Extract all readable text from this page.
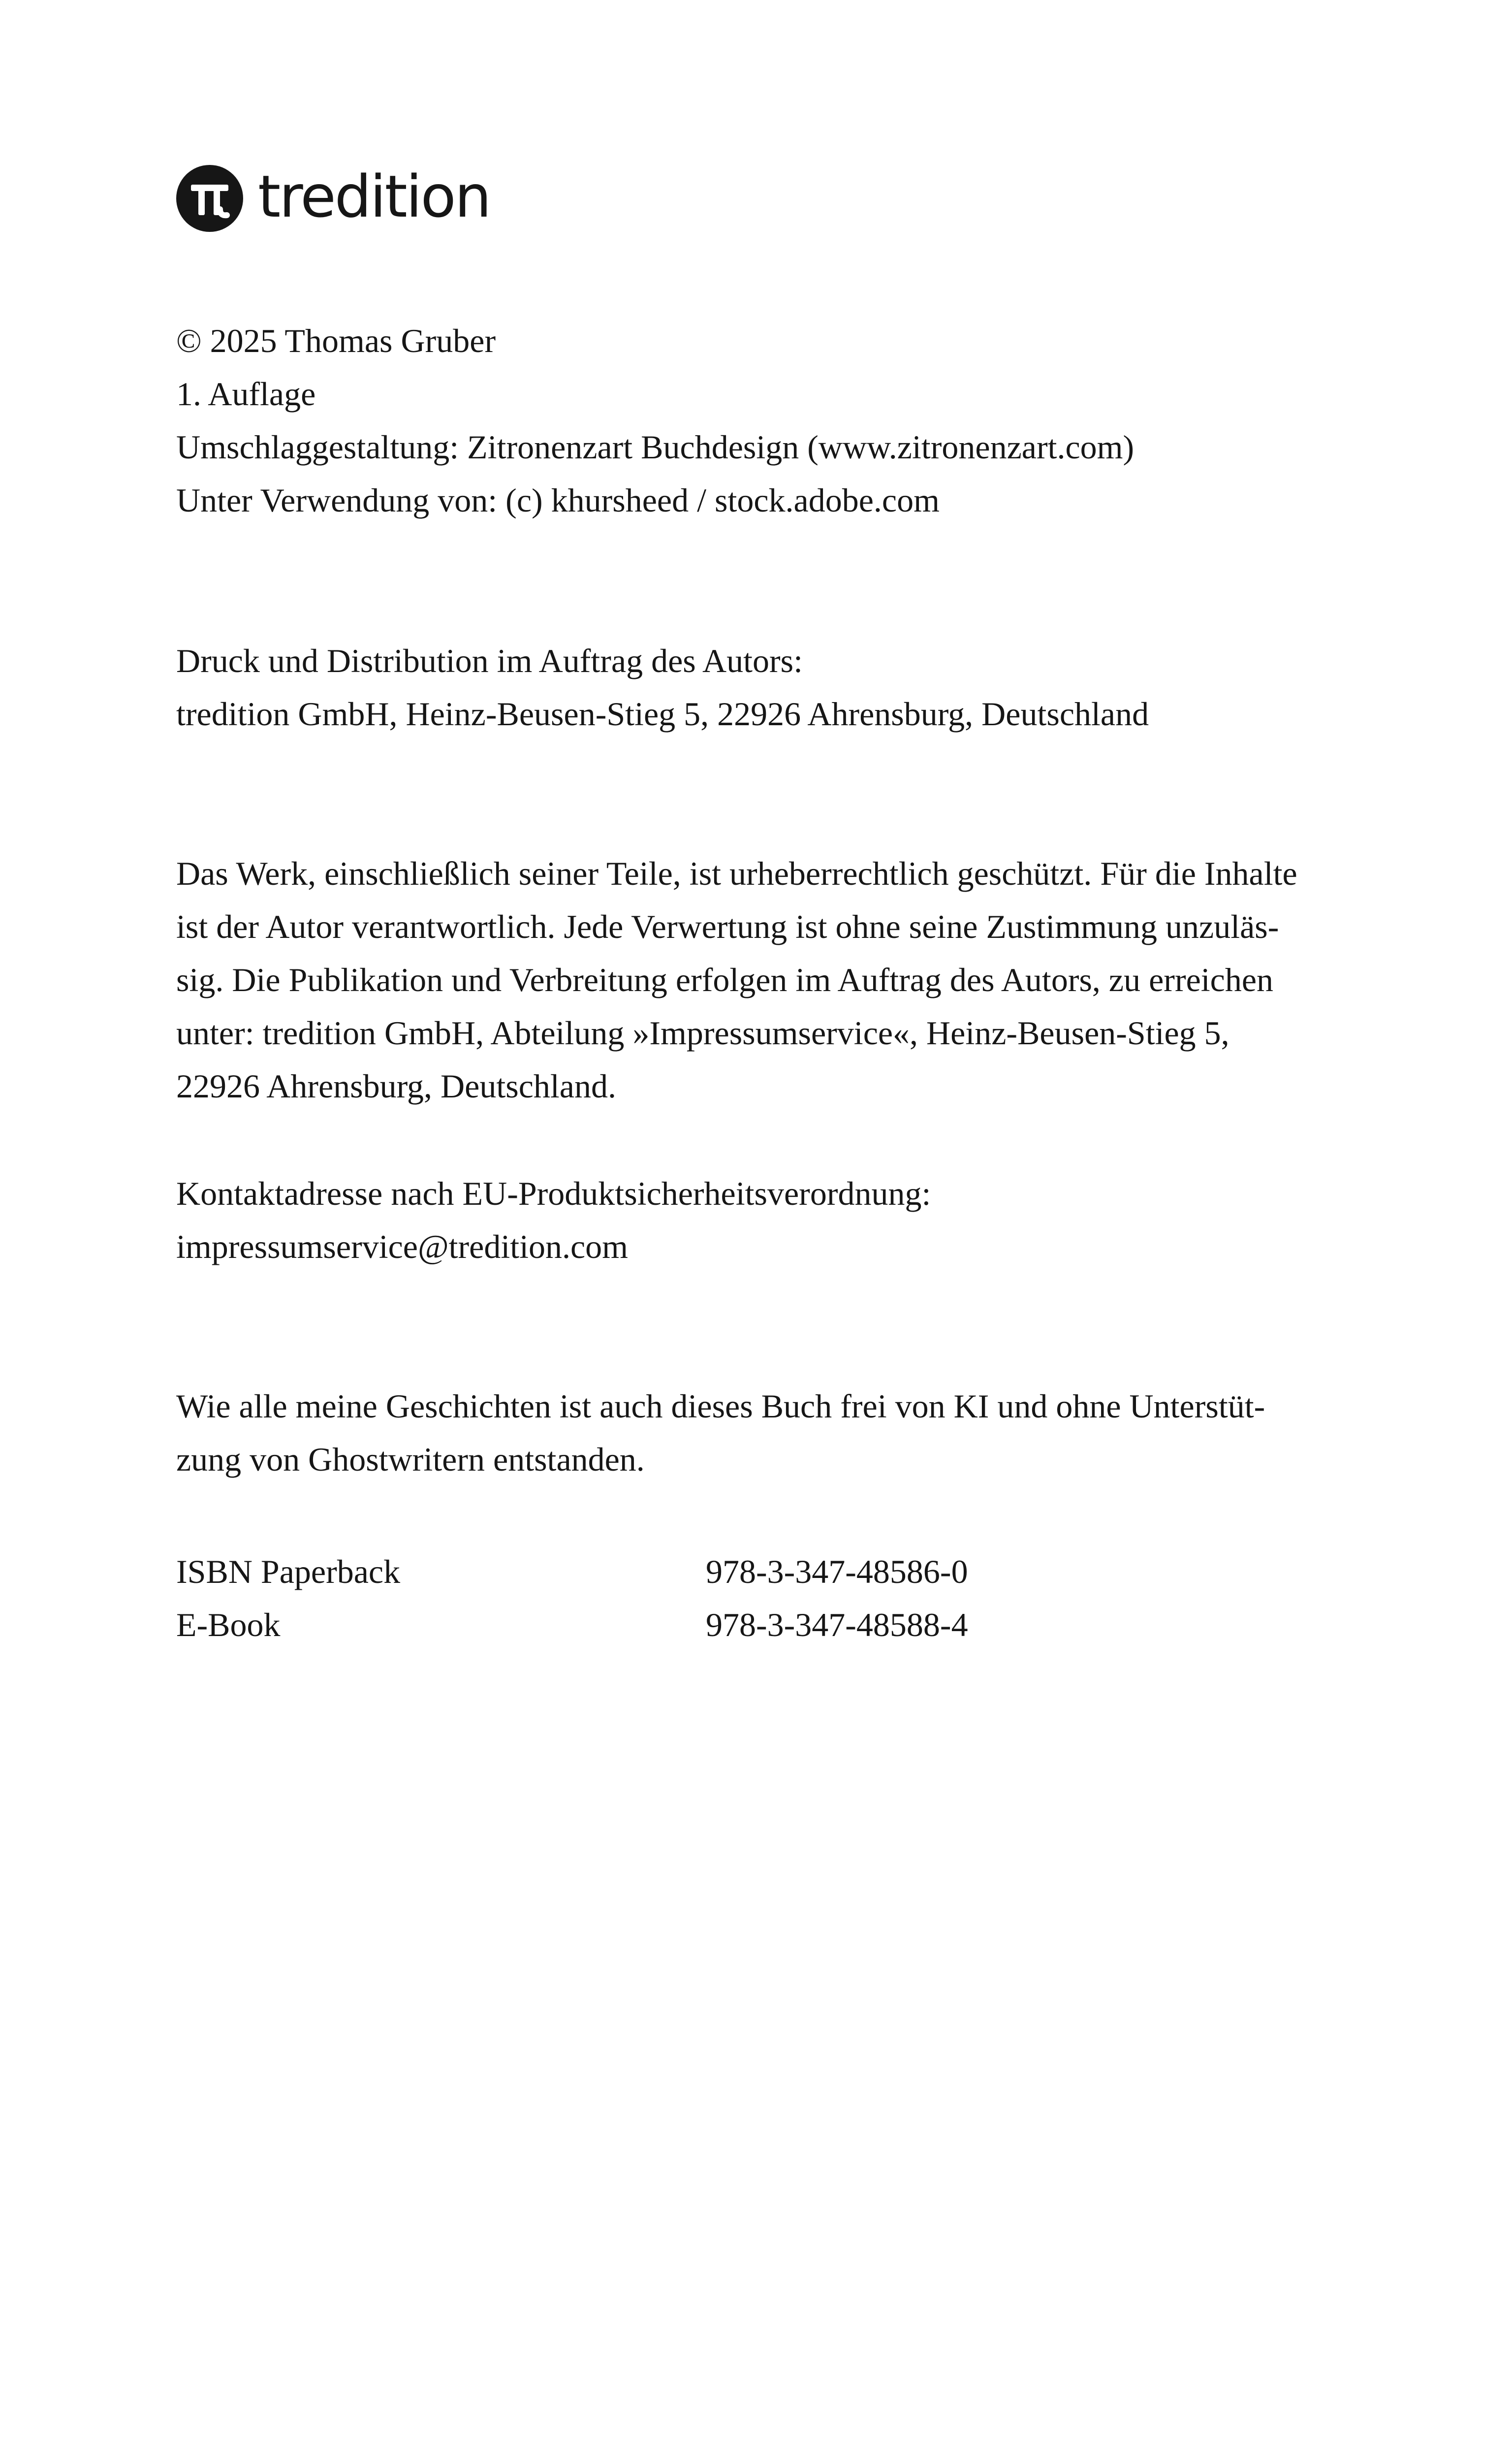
tredition

© 2025 Thomas Gruber

1. Auflage

Umschlaggestaltung: Zitronenzart Buchdesign (www.zitronenzart.com)

Unter Verwendung von: (c) khursheed / stock.adobe.com

Druck und Distribution im Auftrag des Autors:

tredition GmbH, Heinz-Beusen-Stieg 5, 22926 Ahrensburg, Deutschland

Das Werk, einschließlich seiner Teile, ist urheberrechtlich geschützt. Für die Inhalte

ist der Autor verantwortlich. Jede Verwertung ist ohne seine Zustimmung unzuläs-

sig. Die Publikation und Verbreitung erfolgen im Auftrag des Autors, zu erreichen

unter: tredition GmbH, Abteilung »Impressumservice«, Heinz-Beusen-Stieg 5,

22926 Ahrensburg, Deutschland.

Kontaktadresse nach EU-Produktsicherheitsverordnung:

impressumservice@tredition.com

Wie alle meine Geschichten ist auch dieses Buch frei von KI und ohne Unterstüt-

zung von Ghostwritern entstanden.

ISBN Paperback	978-3-347-48586-0
E-Book	978-3-347-48588-4
